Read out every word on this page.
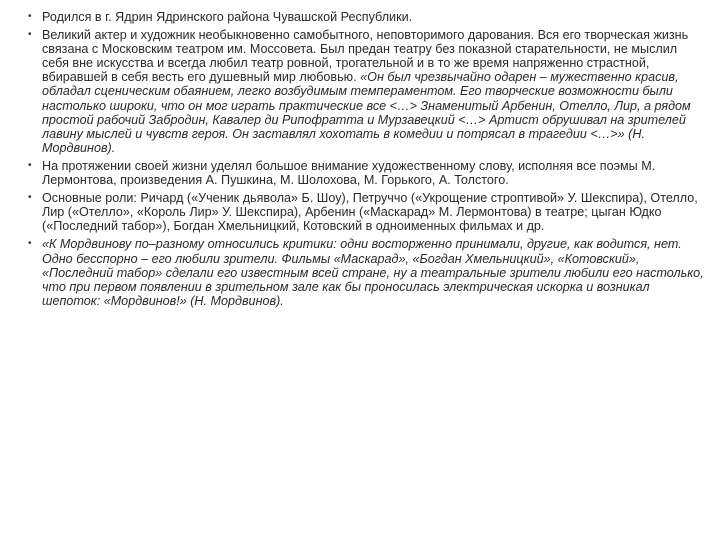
• Родился в г. Ядрин Ядринского района Чувашской Республики.

• Великий актер и художник необыкновенно самобытного, неповторимого дарования. Вся его творческая жизнь связана с Московским театром им. Моссовета. Был предан театру без показной старательности, не мыслил себя вне искусства и всегда любил театр ровной, трогательной и в то же время напряженно страстной, вбиравшей в себя весть его душевный мир любовью. «Он был чрезвычайно одарен – мужественно красив, обладал сценическим обаянием, легко возбудимым темпераментом. Его творческие возможности были настолько широки, что он мог играть практические все <…> Знаменитый Арбенин, Отелло, Лир, а рядом простой рабочий Забродин, Кавалер ди Рипофратта и Мурзавецкий <…> Артист обрушивал на зрителей лавину мыслей и чувств героя. Он заставлял хохотать в комедии и потрясал в трагедии <…>» (Н. Мордвинов).

• На протяжении своей жизни уделял большое внимание художественному слову, исполняя все поэмы М. Лермонтова, произведения А. Пушкина, М. Шолохова, М. Горького, А. Толстого.

• Основные роли: Ричард («Ученик дьявола» Б. Шоу), Петруччо («Укрощение строптивой» У. Шекспира), Отелло, Лир («Отелло», «Король Лир» У. Шекспира), Арбенин («Маскарад» М. Лермонтова) в театре; цыган Юдко («Последний табор»), Богдан Хмельницкий, Котовский в одноименных фильмах и др.

• «К Мордвинову по–разному относились критики: одни восторженно принимали, другие, как водится, нет. Одно бесспорно – его любили зрители. Фильмы «Маскарад», «Богдан Хмельницкий», «Котовский», «Последний табор» сделали его известным всей стране, ну а театральные зрители любили его настолько, что при первом появлении в зрительном зале как бы проносилась электрическая искорка и возникал шепоток: «Мордвинов!» (Н. Мордвинов).
